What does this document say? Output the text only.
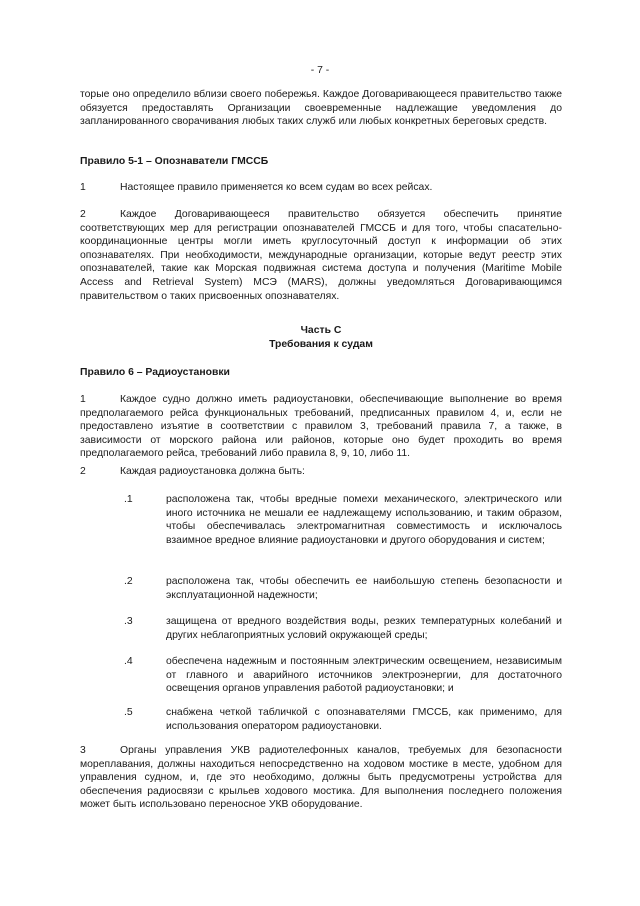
- 7 -

торые оно определило вблизи своего побережья. Каждое Договаривающееся правительство также обязуется предоставлять Организации своевременные надлежащие уведомления до запланированного сворачивания любых таких служб или любых конкретных береговых средств.

Правило 5-1 – Опознаватели ГМССБ

1	Настоящее правило применяется ко всем судам во всех рейсах.

2	Каждое Договаривающееся правительство обязуется обеспечить принятие соответствующих мер для регистрации опознавателей ГМССБ и для того, чтобы спасательно-координационные центры могли иметь круглосуточный доступ к информации об этих опознавателях. При необходимости, международные организации, которые ведут реестр этих опознавателей, такие как Морская подвижная система доступа и получения (Maritime Mobile Access and Retrieval System) МСЭ (MARS), должны уведомляться Договаривающимся правительством о таких присвоенных опознавателях.

Часть С

Требования к судам

Правило 6 – Радиоустановки

1	Каждое судно должно иметь радиоустановки, обеспечивающие выполнение во время предполагаемого рейса функциональных требований, предписанных правилом 4, и, если не предоставлено изъятие в соответствии с правилом 3, требований правила 7, а также, в зависимости от морского района или районов, которые оно будет проходить во время предполагаемого рейса, требований либо правила 8, 9, 10, либо 11.

2	Каждая радиоустановка должна быть:

.1	расположена так, чтобы вредные помехи механического, электрического или иного источника не мешали ее надлежащему использованию, и таким образом, чтобы обеспечивалась электромагнитная совместимость и исключалось взаимное вредное влияние радиоустановки и другого оборудования и систем;

.2	расположена так, чтобы обеспечить ее наибольшую степень безопасности и эксплуатационной надежности;

.3	защищена от вредного воздействия воды, резких температурных колебаний и других неблагоприятных условий окружающей среды;

.4	обеспечена надежным и постоянным электрическим освещением, независимым от главного и аварийного источников электроэнергии, для достаточного освещения органов управления работой радиоустановки; и

.5	снабжена четкой табличкой с опознавателями ГМССБ, как применимо, для использования оператором радиоустановки.

3	Органы управления УКВ радиотелефонных каналов, требуемых для безопасности мореплавания, должны находиться непосредственно на ходовом мостике в месте, удобном для управления судном, и, где это необходимо, должны быть предусмотрены устройства для обеспечения радиосвязи с крыльев ходового мостика. Для выполнения последнего положения может быть использовано переносное УКВ оборудование.
